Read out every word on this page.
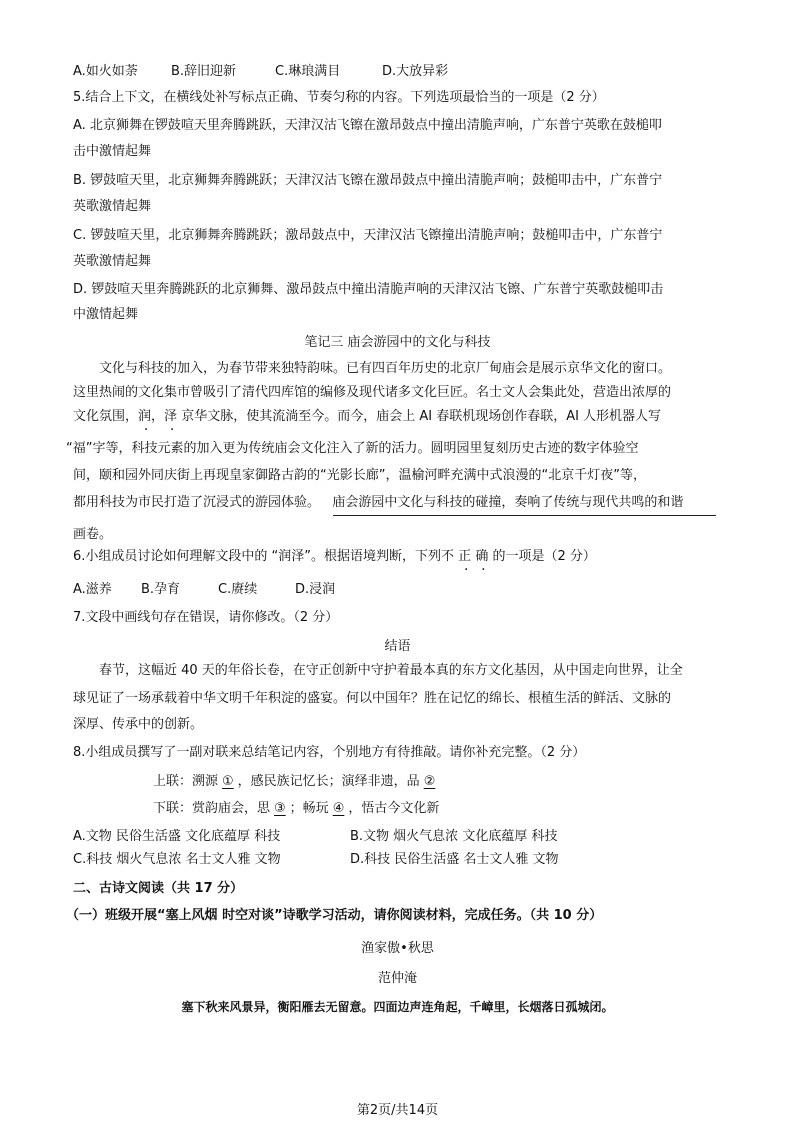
A.如火如荼	B.辞旧迎新	C.琳琅满目	D.大放异彩
5.结合上下文，在横线处补写标点正确、节奏匀称的内容。下列选项最恰当的一项是（2 分）
A. 北京狮舞在锣鼓喧天里奔腾跳跃，天津汉沽飞镲在激昂鼓点中撞出清脆声响，广东普宁英歌在鼓槌叩
击中激情起舞
B. 锣鼓喧天里，北京狮舞奔腾跳跃；天津汉沽飞镲在激昂鼓点中撞出清脆声响；鼓槌叩击中，广东普宁
英歌激情起舞
C. 锣鼓喧天里，北京狮舞奔腾跳跃；激昂鼓点中，天津汉沽飞镲撞出清脆声响；鼓槌叩击中，广东普宁
英歌激情起舞
D. 锣鼓喧天里奔腾跳跃的北京狮舞、激昂鼓点中撞出清脆声响的天津汉沽飞镲、广东普宁英歌鼓槌叩击
中激情起舞
笔记三 庙会游园中的文化与科技
文化与科技的加入，为春节带来独特韵味。已有四百年历史的北京厂甸庙会是展示京华文化的窗口。
这里热闹的文化集市曾吸引了清代四库馆的编修及现代诸多文化巨匠。名士文人会集此处，营造出浓厚的
文化氛围，润，泽 京华文脉，使其流淌至今。而今，庙会上 AI 春联机现场创作春联，AI 人形机器人写
“福”字等，科技元素的加入更为传统庙会文化注入了新的活力。圆明园里复刻历史古迹的数字体验空
间，颐和园外同庆街上再现皇家御路古韵的“光影长廊”，温榆河畔充满中式浪漫的“北京千灯夜”等，
都用科技为市民打造了沉浸式的游园体验。 庙会游园中文化与科技的碰撞，奏响了传统与现代共鸣的和谐
画卷。
6.小组成员讨论如何理解文段中的 “润泽”。根据语境判断，下列不 正 确 的一项是（2 分）
A.滋养 B.孕育	C.赓续	D.浸润
7.文段中画线句存在错误，请你修改。（2 分）
结语
春节，这幅近 40 天的年俗长卷，在守正创新中守护着最本真的东方文化基因，从中国走向世界，让全
球见证了一场承载着中华文明千年积淀的盛宴。何以中国年？胜在记忆的绵长、根植生活的鲜活、文脉的
深厚、传承中的创新。
8.小组成员撰写了一副对联来总结笔记内容，个别地方有待推敲。请你补充完整。（2 分）
上联：溯源 ① ，感民族记忆长；演绎非遗，品 ②
下联：赏韵庙会，思 ③ ；畅玩 ④ ，悟古今文化新
A.文物 民俗生活盛 文化底蕴厚 科技	B.文物 烟火气息浓 文化底蕴厚 科技
C.科技 烟火气息浓 名士文人雅 文物	D.科技 民俗生活盛 名士文人雅 文物
二、古诗文阅读（共 17 分）
（一）班级开展“塞上风烟 时空对谈”诗歌学习活动，请你阅读材料，完成任务。（共 10 分）
渔家傲•秋思
范仲淹
塞下秋来风景异，衡阳雁去无留意。四面边声连角起，千嶂里，长烟落日孤城闭。
第2页/共14页
